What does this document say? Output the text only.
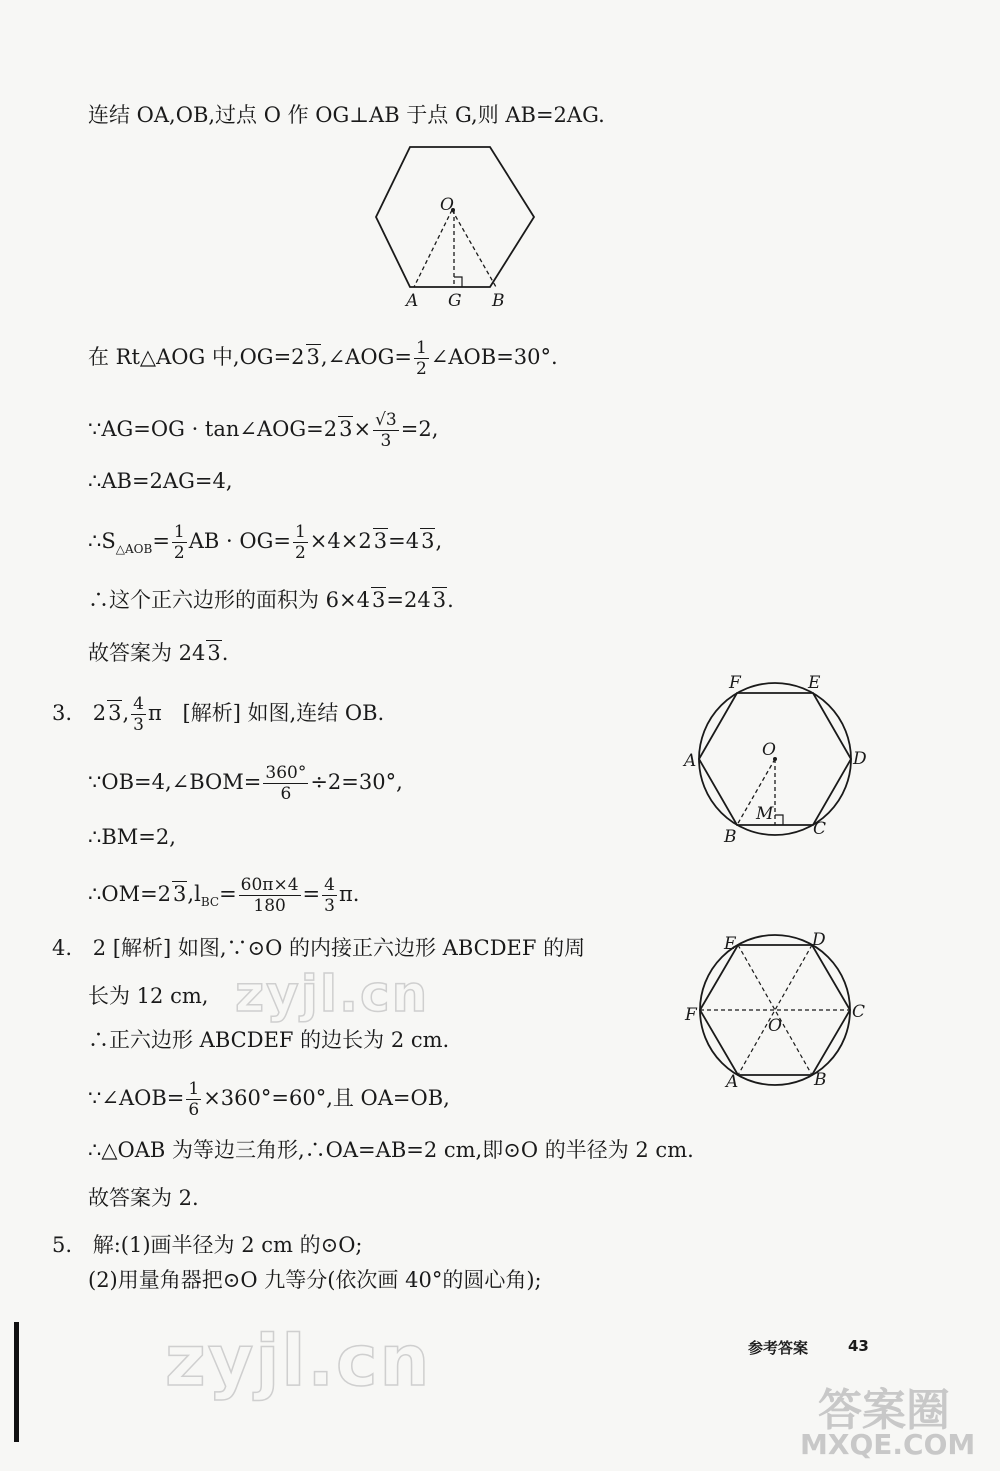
连结 OA,OB,过点 O 作 OG⊥AB 于点 G,则 AB=2AG.
O
A G B
在 Rt△AOG 中,OG=23,∠AOG= $\frac{1}{2}$ ∠AOB=30°.
∵AG=OG · tan∠AOG=23× $\frac{√3}{3} =2$,
∴AB=2AG=4,
$\therefore S_{\triangle AOB}= \frac{1}{2}$ AB · $OG= \frac{1}{2} \times 4\times 23=43$,
∴这个正六边形的面积为 6×43=243.
故答案为 243.
3. 23, $\frac{4}{3}$ π [解析] 如图,连结 OB.
∵OB=4,∠BOM= $\frac{360^\circ}{6} \div 2=30^\circ$,
∴BM=2,
$\therefore OM=23,l_{BC}= \frac{60\pi\times 4}{180} = \frac{4}{3} \pi$.
F	E
A	D
O
M
B	C
4. 2 [解析] 如图,∵⊙O 的内接正六边形 ABCDEF 的周
长为 12 cm,
∴正六边形 ABCDEF 的边长为 2 cm.
∵∠AOB= $\frac{1}{6} \times 360^\circ=60^\circ$,且 OA=OB,
∴△OAB 为等边三角形,∴OA=AB=2 cm,即⊙O 的半径为 2 cm.
故答案为 2.
E	D
F	C
O
A	B
5. 解:(1)画半径为 2 cm 的⊙O;
(2)用量角器把⊙O 九等分(依次画 40°的圆心角);
zyjl.cn
zyjl.cn
答案圈
MXQE.COM
参考答案	43
